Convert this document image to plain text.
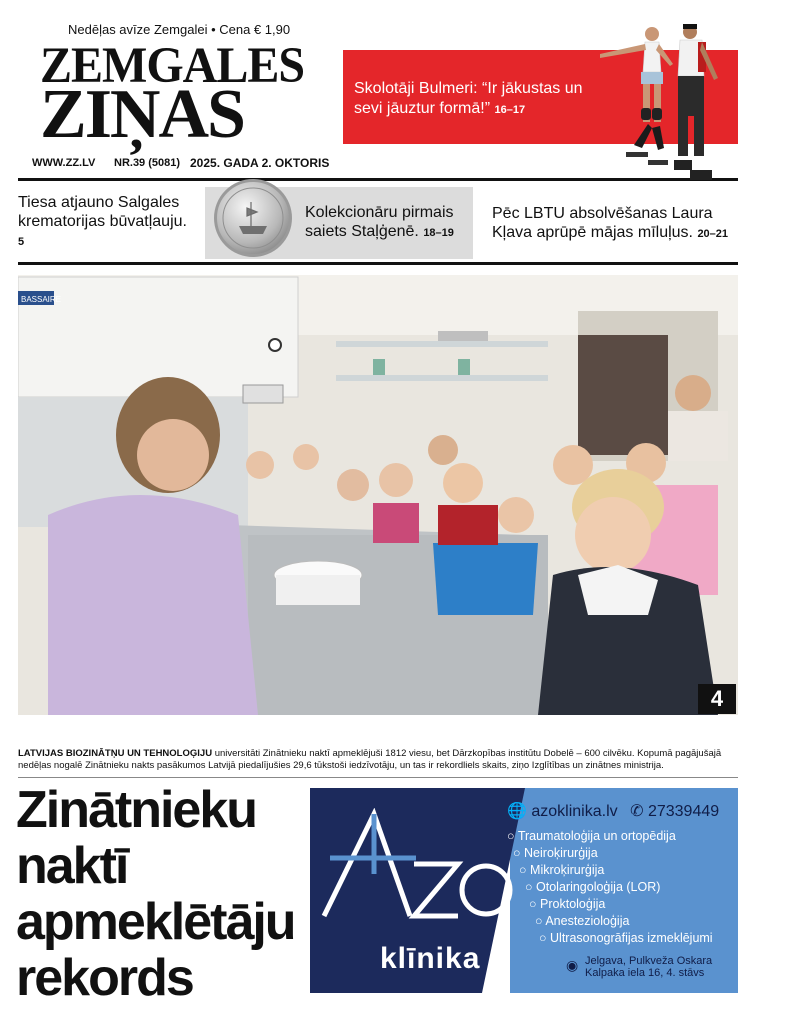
Nedēļas avīze Zemgalei • Cena € 1,90
ZEMGALES
ZIŅAS
WWW.ZZ.LV NR.39 (5081) 2025. GADA 2. OKTORIS
Skolotāji Bulmeri: “Ir jākustas un sevi jāuztur formā!” 16–17
Tiesa atjauno Salgales krematorijas būvatļauju. 5
Kolekcionāru pirmais saiets Staļģenē. 18–19
Pēc LBTU absolvēšanas Laura Kļava aprūpē mājas mīluļus. 20–21
BASSAIRE
4
LATVIJAS BIOZINĀTŅU UN TEHNOLOĢIJU universitāti Zinātnieku naktī apmeklējuši 1812 viesu, bet Dārzkopības institūtu Dobelē – 600 cilvēku. Kopumā pagājušajā nedēļas nogalē Zinātnieku nakts pasākumos Latvijā piedalījušies 29,6 tūkstoši iedzīvotāju, un tas ir rekordliels skaits, ziņo Izglītības un zinātnes ministrija.
Zinātnieku
naktī
apmeklētāju
rekords
AZO
klīnika
🌐 azoklinika.lv ✆ 27339449
○ Traumatoloģija un ortopēdija
○ Neiroķirurģija
○ Mikroķirurģija
○ Otolaringoloģija (LOR)
○ Proktoloģija
○ Anesteziolоģija
○ Ultrasonogrāfijas izmeklējumi
◉ Jelgava, Pulkveža Oskara
Kalpaka iela 16, 4. stāvs
